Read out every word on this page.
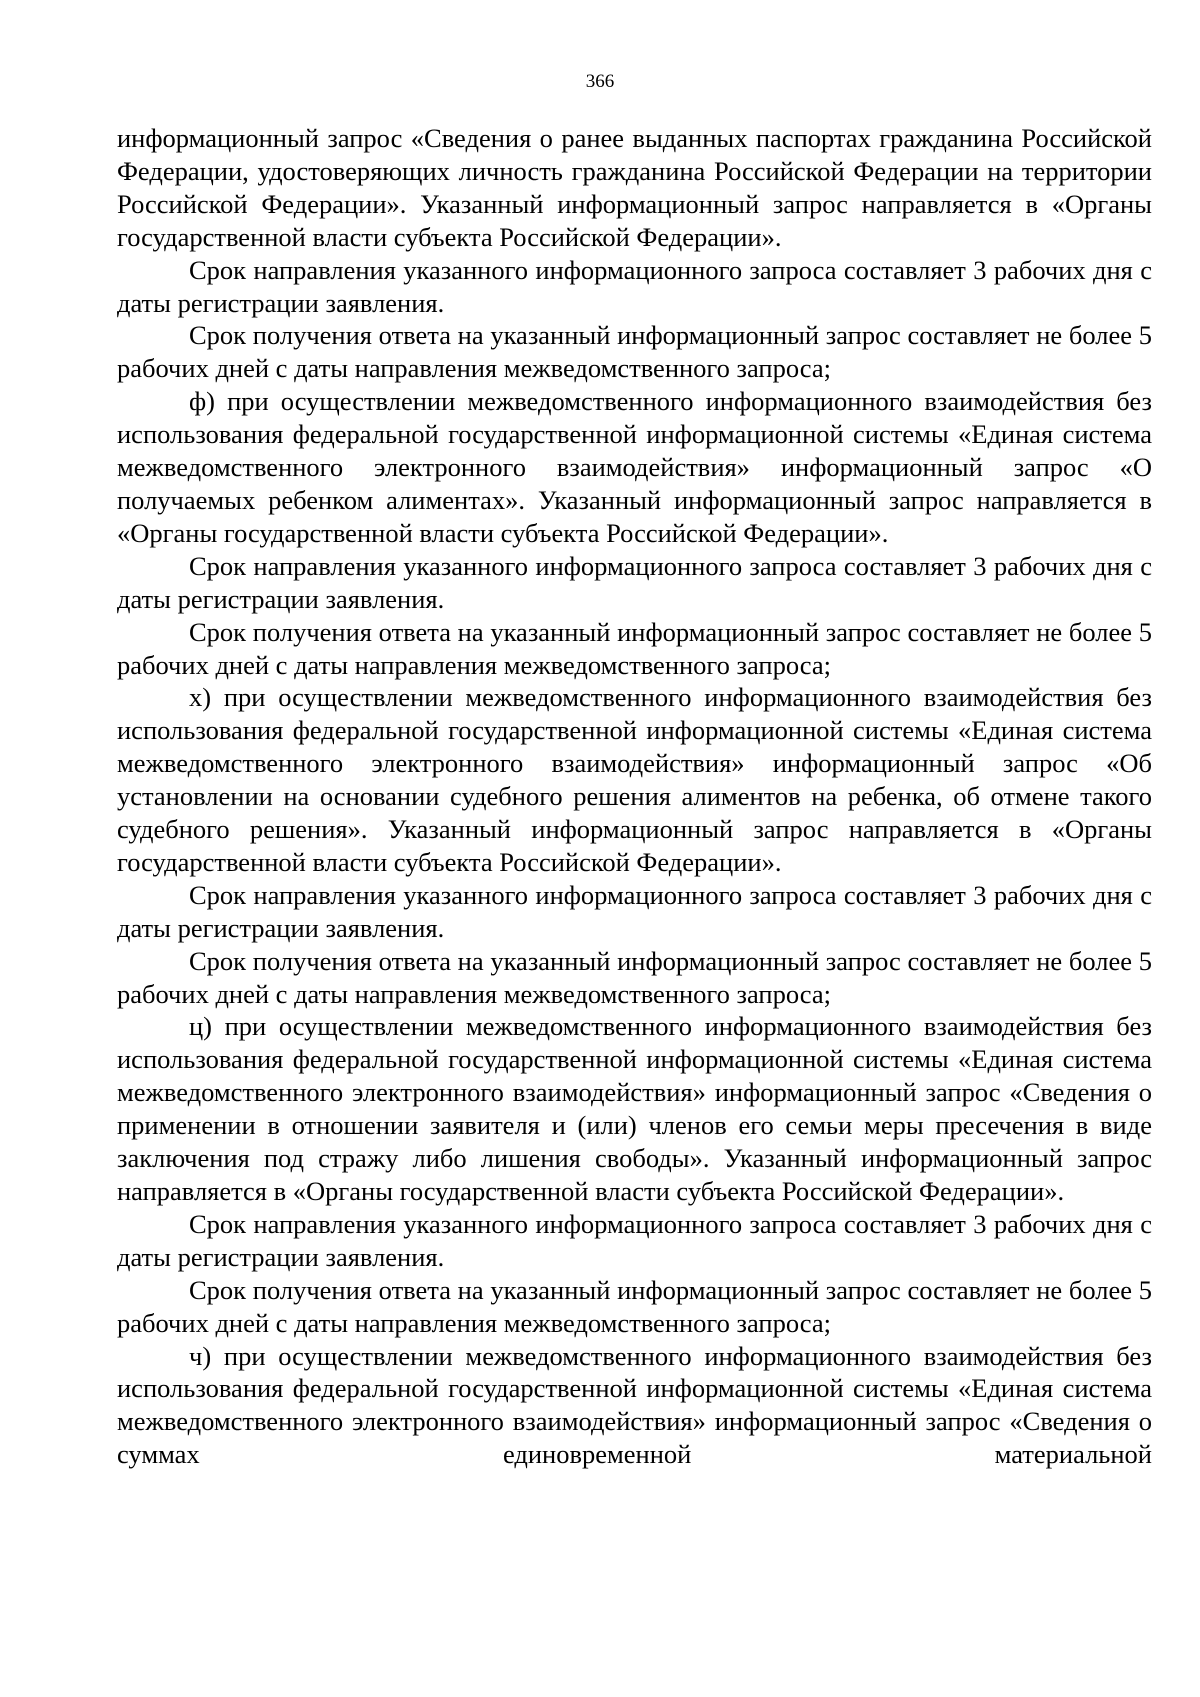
366

информационный запрос «Сведения о ранее выданных паспортах гражданина Российской Федерации, удостоверяющих личность гражданина Российской Федерации на территории Российской Федерации». Указанный информационный запрос направляется в «Органы государственной власти субъекта Российской Федерации».

Срок направления указанного информационного запроса составляет 3 рабочих дня с даты регистрации заявления.

Срок получения ответа на указанный информационный запрос составляет не более 5 рабочих дней с даты направления межведомственного запроса;

ф) при осуществлении межведомственного информационного взаимодействия без использования федеральной государственной информационной системы «Единая система межведомственного электронного взаимодействия» информационный запрос «О получаемых ребенком алиментах». Указанный информационный запрос направляется в «Органы государственной власти субъекта Российской Федерации».

Срок направления указанного информационного запроса составляет 3 рабочих дня с даты регистрации заявления.

Срок получения ответа на указанный информационный запрос составляет не более 5 рабочих дней с даты направления межведомственного запроса;

х) при осуществлении межведомственного информационного взаимодействия без использования федеральной государственной информационной системы «Единая система межведомственного электронного взаимодействия» информационный запрос «Об установлении на основании судебного решения алиментов на ребенка, об отмене такого судебного решения». Указанный информационный запрос направляется в «Органы государственной власти субъекта Российской Федерации».

Срок направления указанного информационного запроса составляет 3 рабочих дня с даты регистрации заявления.

Срок получения ответа на указанный информационный запрос составляет не более 5 рабочих дней с даты направления межведомственного запроса;

ц) при осуществлении межведомственного информационного взаимодействия без использования федеральной государственной информационной системы «Единая система межведомственного электронного взаимодействия» информационный запрос «Сведения о применении в отношении заявителя и (или) членов его семьи меры пресечения в виде заключения под стражу либо лишения свободы». Указанный информационный запрос направляется в «Органы государственной власти субъекта Российской Федерации».

Срок направления указанного информационного запроса составляет 3 рабочих дня с даты регистрации заявления.

Срок получения ответа на указанный информационный запрос составляет не более 5 рабочих дней с даты направления межведомственного запроса;

ч) при осуществлении межведомственного информационного взаимодействия без использования федеральной государственной информационной системы «Единая система межведомственного электронного взаимодействия» информационный запрос «Сведения о суммах единовременной материальной
